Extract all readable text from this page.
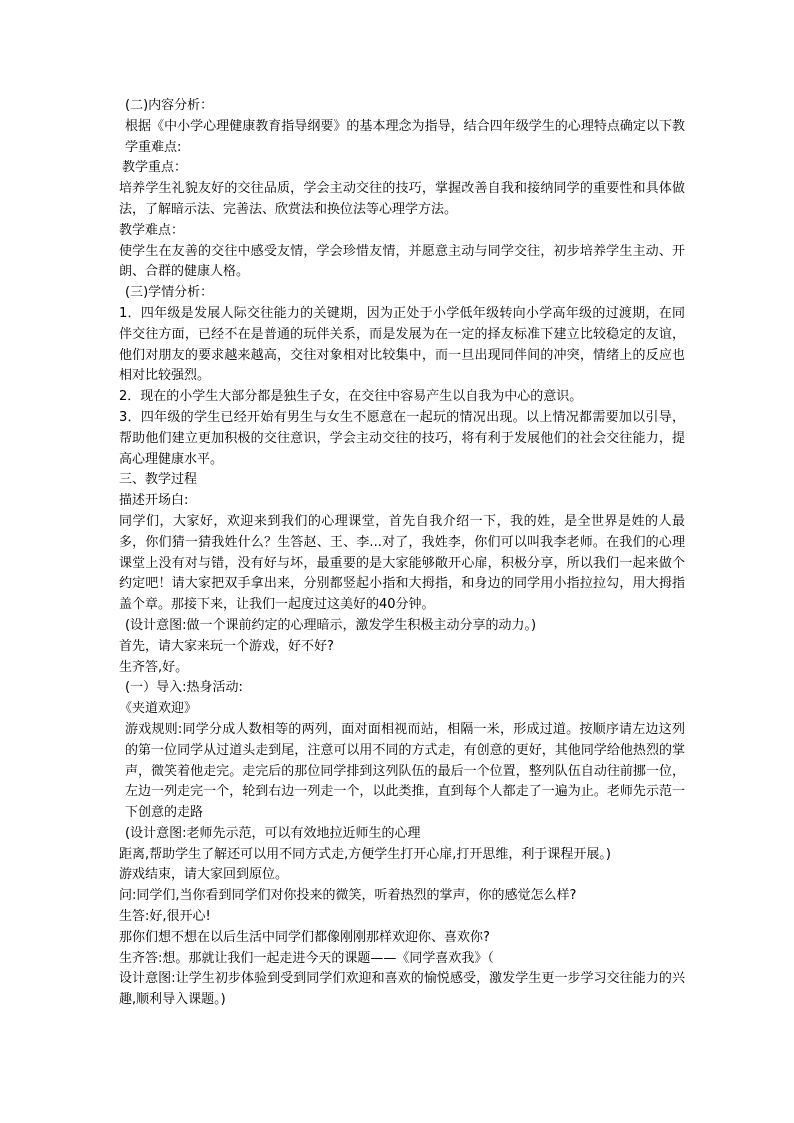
(二)内容分析：

根据《中小学心理健康教育指导纲要》的基本理念为指导，结合四年级学生的心理特点确定以下教学重难点:

教学重点：

培养学生礼貌友好的交往品质，学会主动交往的技巧，掌握改善自我和接纳同学的重要性和具体做法，了解暗示法、完善法、欣赏法和换位法等心理学方法。

教学难点：

使学生在友善的交往中感受友情，学会珍惜友情，并愿意主动与同学交往，初步培养学生主动、开朗、合群的健康人格。

(三)学情分析：

1．四年级是发展人际交往能力的关键期，因为正处于小学低年级转向小学高年级的过渡期，在同伴交往方面，已经不在是普通的玩伴关系，而是发展为在一定的择友标准下建立比较稳定的友谊，他们对朋友的要求越来越高，交往对象相对比较集中，而一旦出现同伴间的冲突，情绪上的反应也相对比较强烈。

2．现在的小学生大部分都是独生子女，在交往中容易产生以自我为中心的意识。

3．四年级的学生已经开始有男生与女生不愿意在一起玩的情况出现。以上情况都需要加以引导，帮助他们建立更加积极的交往意识，学会主动交往的技巧，将有利于发展他们的社会交往能力，提高心理健康水平。

三、教学过程

描述开场白:

同学们，大家好，欢迎来到我们的心理课堂，首先自我介绍一下，我的姓，是全世界是姓的人最多，你们猜一猜我姓什么？生答赵、王、李...对了，我姓李，你们可以叫我李老师。在我们的心理课堂上没有对与错，没有好与坏，最重要的是大家能够敞开心扉，积极分享，所以我们一起来做个约定吧！请大家把双手拿出来，分别都竖起小指和大拇指，和身边的同学用小指拉拉勾，用大拇指盖个章。那接下来，让我们一起度过这美好的40分钟。

(设计意图:做一个课前约定的心理暗示，激发学生积极主动分享的动力。)

首先，请大家来玩一个游戏，好不好?

生齐答,好。

(一）导入:热身活动:

《夹道欢迎》

游戏规则:同学分成人数相等的两列，面对面相视而站，相隔一米，形成过道。按顺序请左边这列的第一位同学从过道头走到尾，注意可以用不同的方式走，有创意的更好，其他同学给他热烈的掌声，微笑着他走完。走完后的那位同学排到这列队伍的最后一个位置，整列队伍自动往前挪一位，左边一列走完一个，轮到右边一列走一个，以此类推，直到每个人都走了一遍为止。老师先示范一下创意的走路

(设计意图:老师先示范，可以有效地拉近师生的心理

距离,帮助学生了解还可以用不同方式走,方便学生打开心扉,打开思维，利于课程开展。)

游戏结束，请大家回到原位。

问:同学们,当你看到同学们对你投来的微笑，听着热烈的掌声，你的感觉怎么样?

生答:好,很开心!

那你们想不想在以后生活中同学们都像刚刚那样欢迎你、喜欢你?

生齐答:想。那就让我们一起走进今天的课题——《同学喜欢我》（

设计意图:让学生初步体验到受到同学们欢迎和喜欢的愉悦感受，激发学生更一步学习交往能力的兴趣,顺利导入课题。)
